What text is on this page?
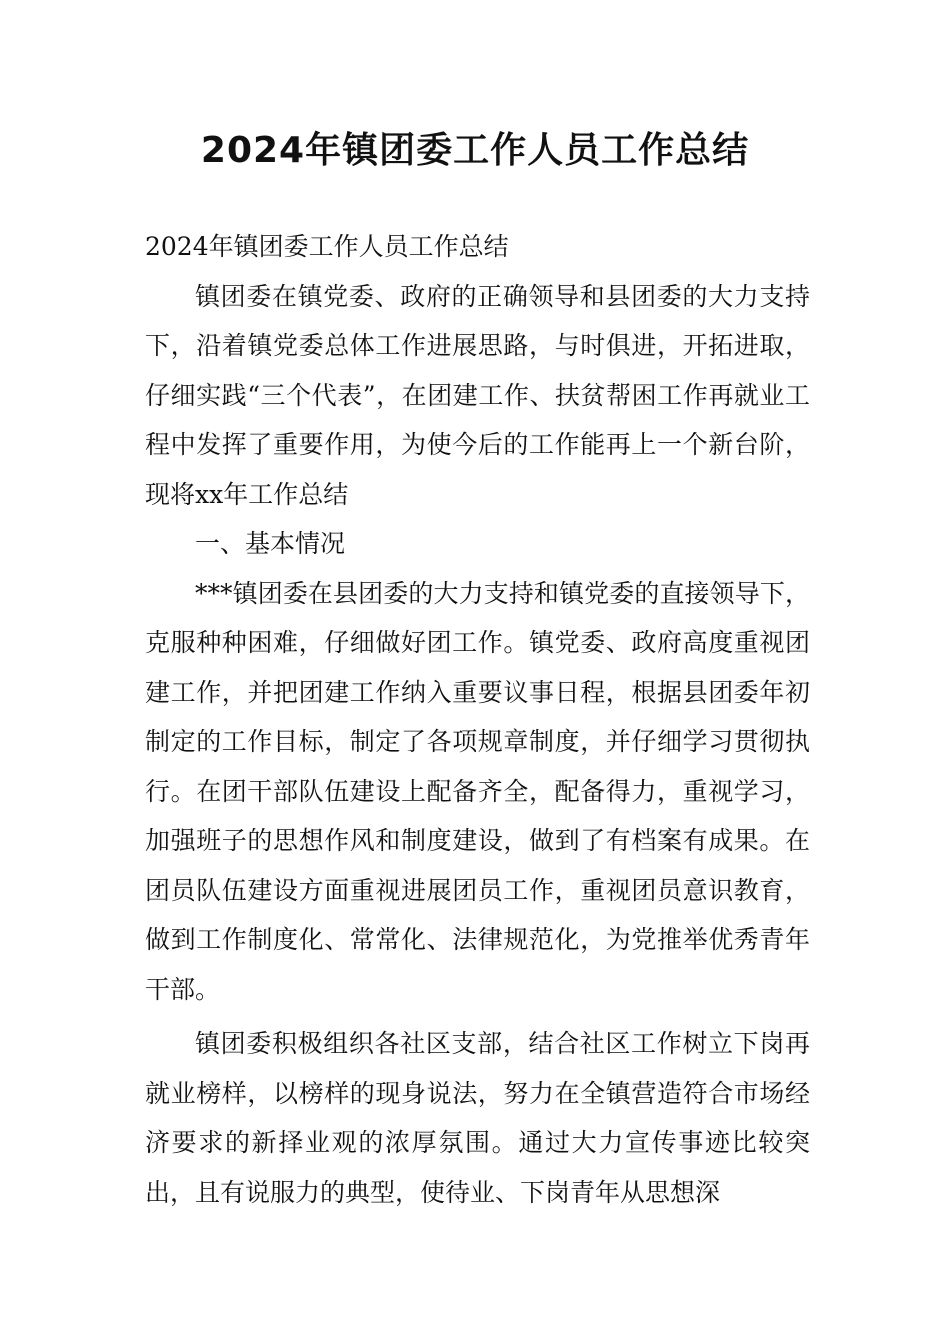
2024年镇团委工作人员工作总结

2024年镇团委工作人员工作总结

镇团委在镇党委、政府的正确领导和县团委的大力支持下，沿着镇党委总体工作进展思路，与时俱进，开拓进取，仔细实践“三个代表”，在团建工作、扶贫帮困工作再就业工程中发挥了重要作用，为使今后的工作能再上一个新台阶，现将xx年工作总结

一、基本情况

***镇团委在县团委的大力支持和镇党委的直接领导下，克服种种困难，仔细做好团工作。镇党委、政府高度重视团建工作，并把团建工作纳入重要议事日程，根据县团委年初制定的工作目标，制定了各项规章制度，并仔细学习贯彻执行。在团干部队伍建设上配备齐全，配备得力，重视学习，加强班子的思想作风和制度建设，做到了有档案有成果。在团员队伍建设方面重视进展团员工作，重视团员意识教育，做到工作制度化、常常化、法律规范化，为党推举优秀青年干部。

镇团委积极组织各社区支部，结合社区工作树立下岗再就业榜样，以榜样的现身说法，努力在全镇营造符合市场经济要求的新择业观的浓厚氛围。通过大力宣传事迹比较突出，且有说服力的典型，使待业、下岗青年从思想深
